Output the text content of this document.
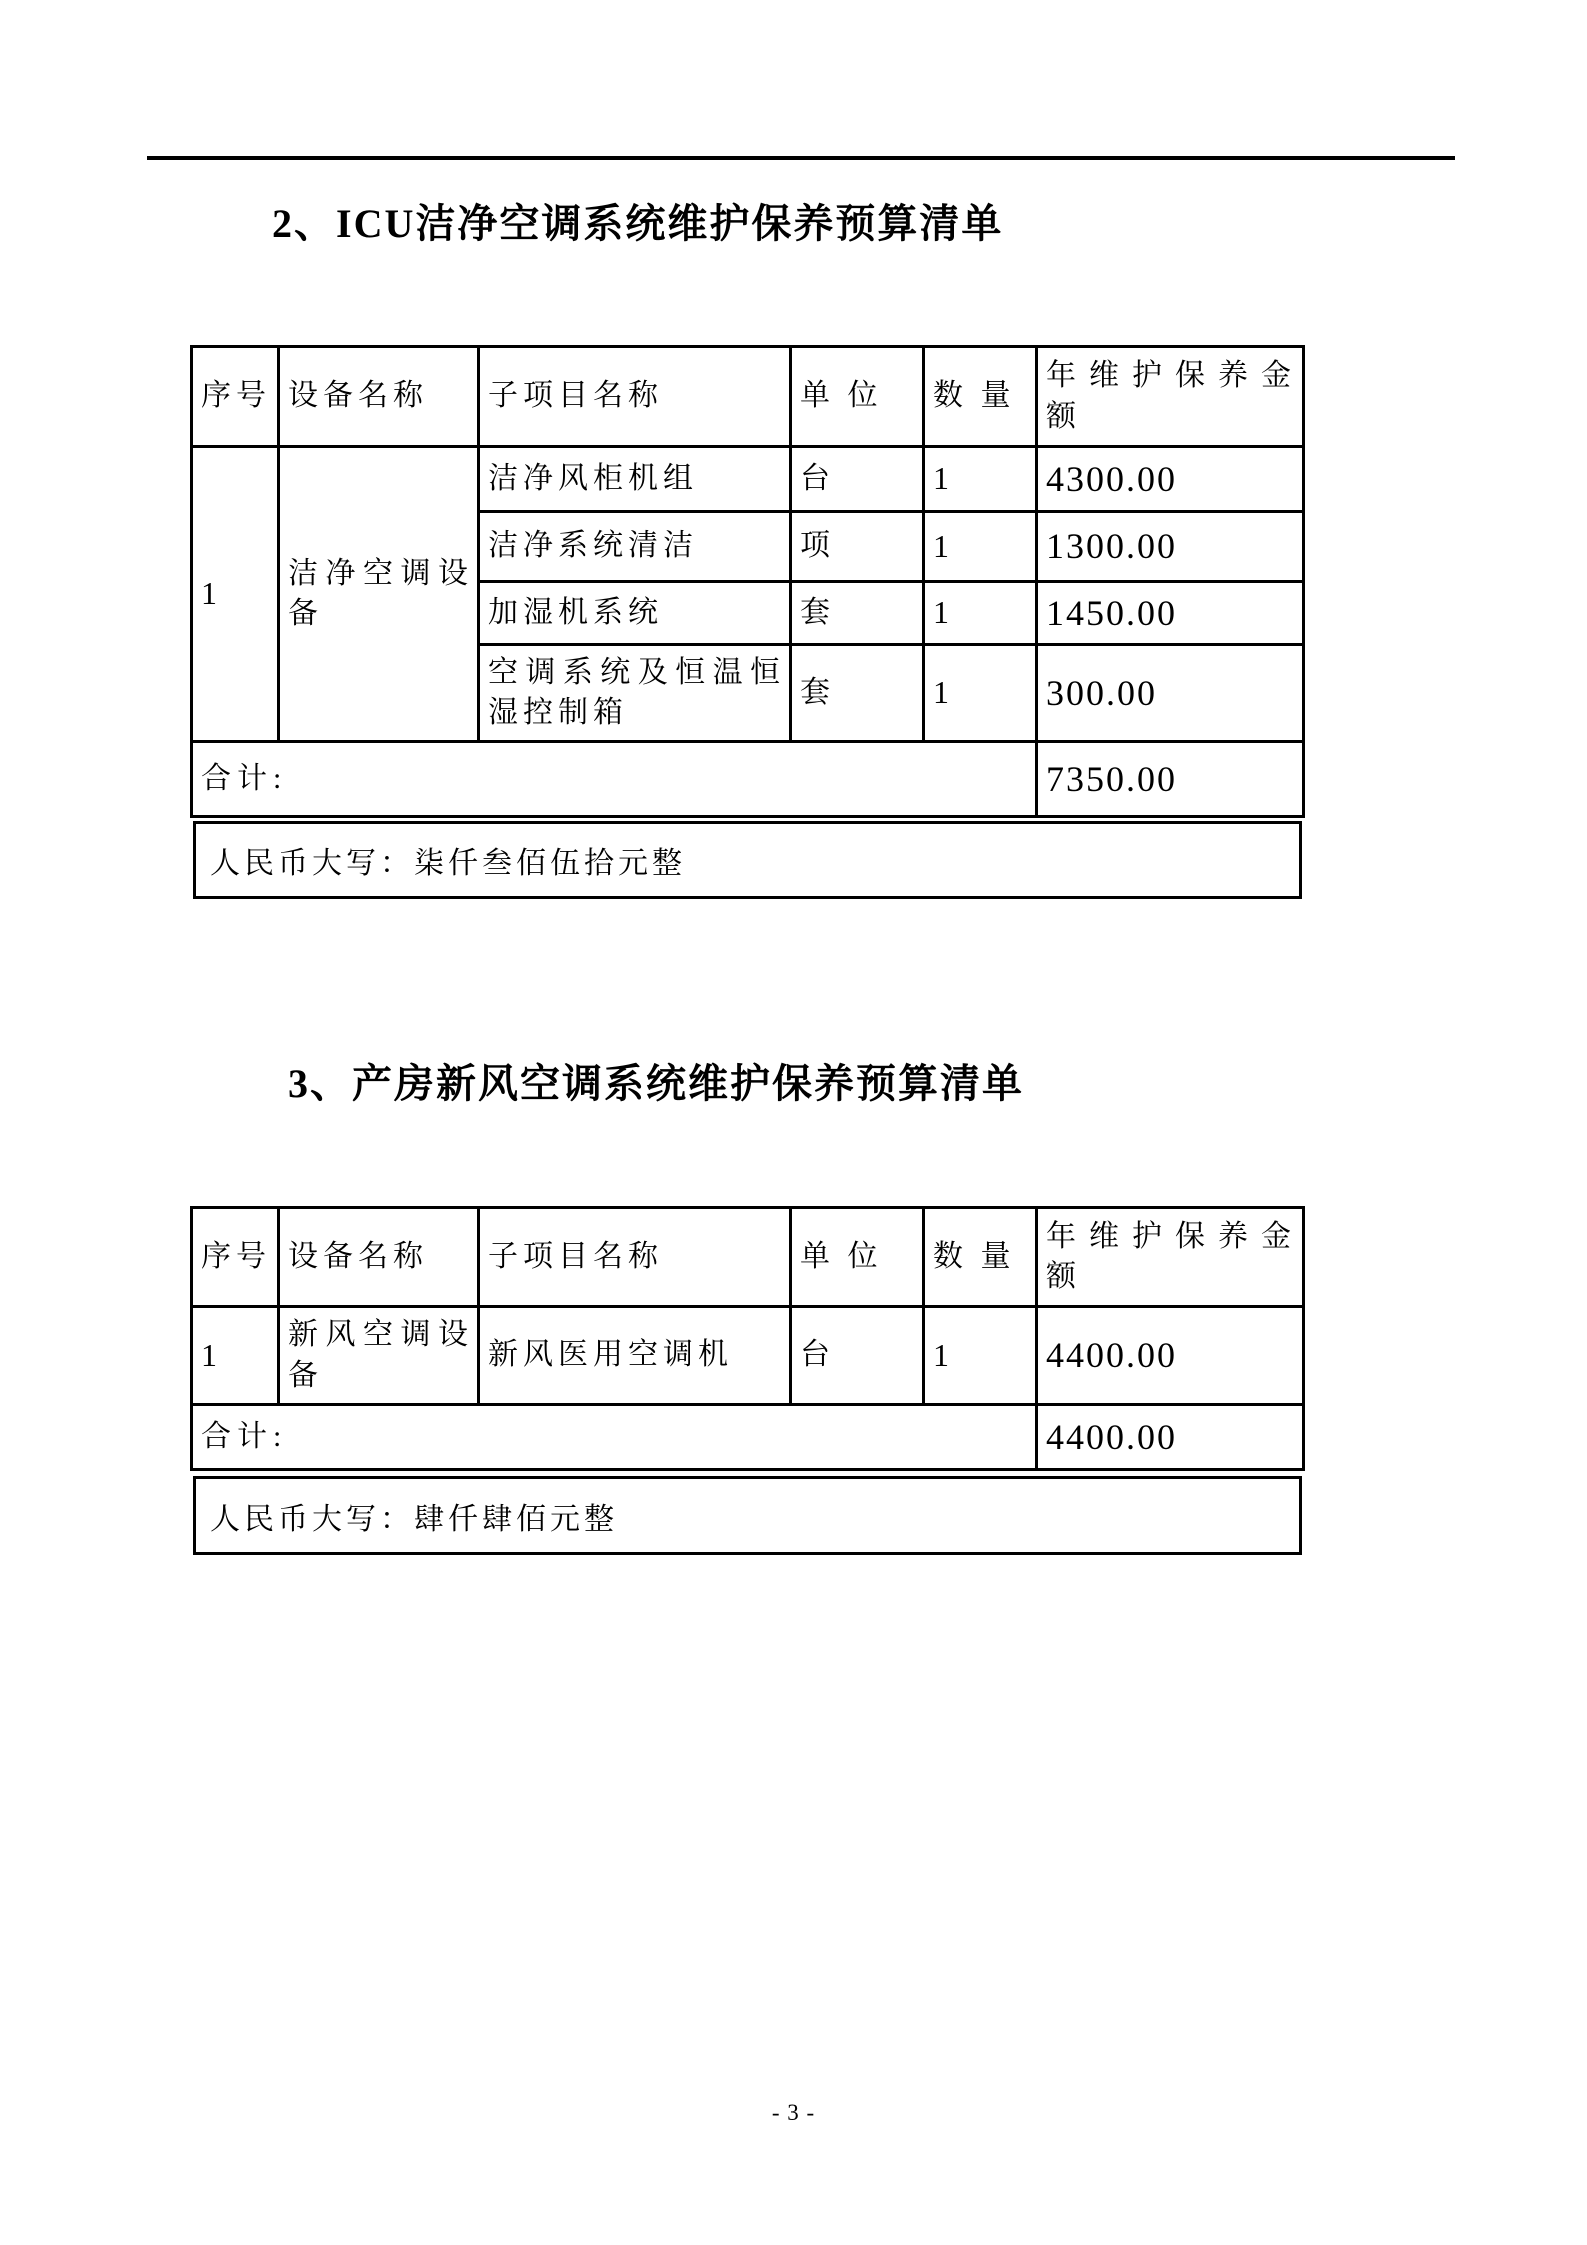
2、ICU洁净空调系统维护保养预算清单
序号	设备名称	子项目名称	单 位	数 量	年维护保养金额
1	洁净空调设备	洁净风柜机组	台	1	4300.00
		洁净系统清洁	项	1	1300.00
		加湿机系统	套	1	1450.00
		空调系统及恒温恒湿控制箱	套	1	300.00
合计:					7350.00
人民币大写：柒仟叁佰伍拾元整
3、产房新风空调系统维护保养预算清单
序号	设备名称	子项目名称	单 位	数 量	年维护保养金额
1	新风空调设备	新风医用空调机	台	1	4400.00
合计:					4400.00
人民币大写：肆仟肆佰元整
- 3 -
